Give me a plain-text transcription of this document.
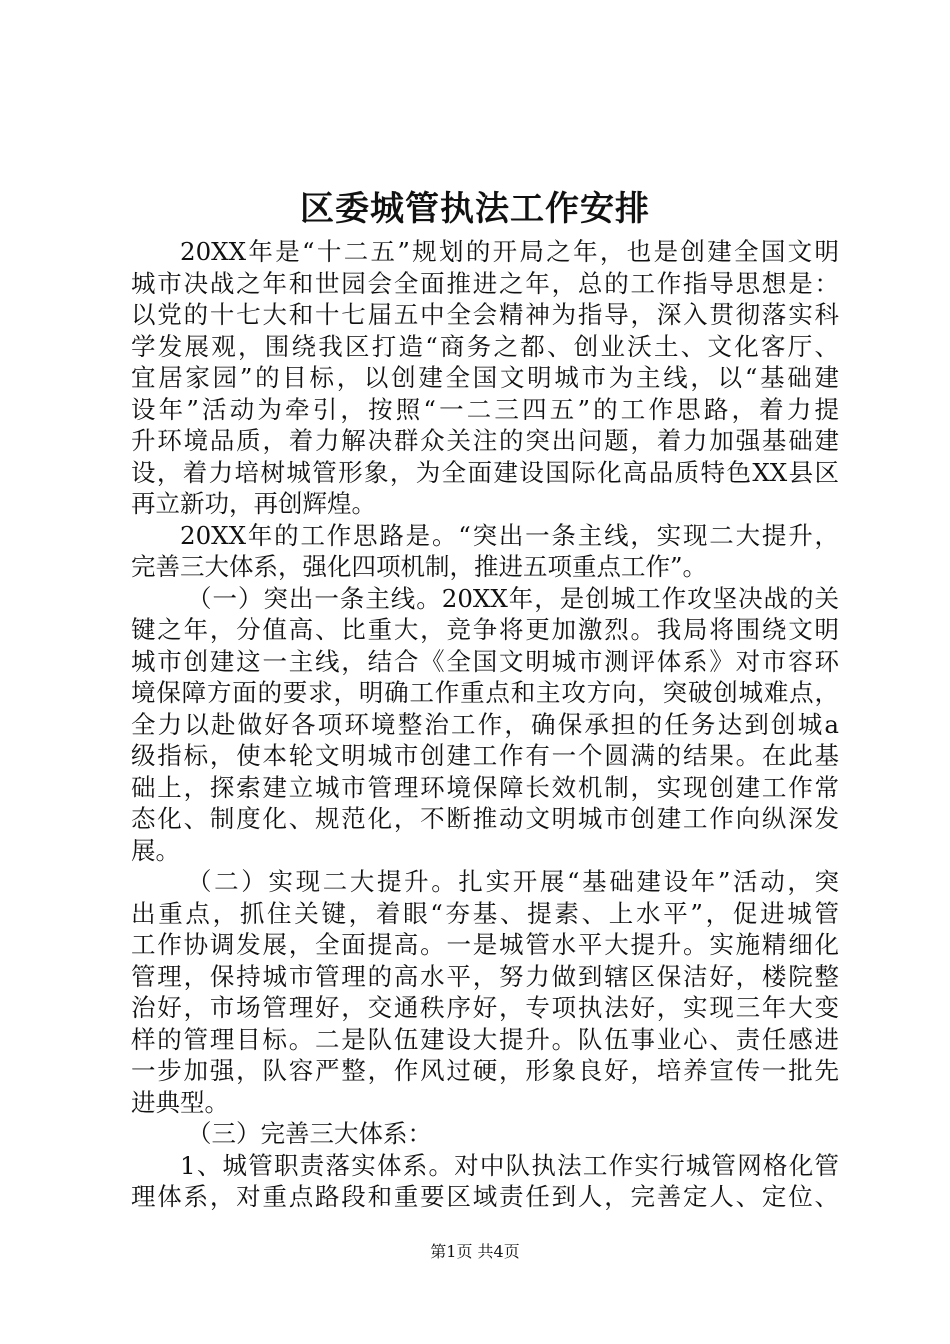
区委城管执法工作安排
20XX年是“十二五”规划的开局之年，也是创建全国文明
城市决战之年和世园会全面推进之年，总的工作指导思想是：
以党的十七大和十七届五中全会精神为指导，深入贯彻落实科
学发展观，围绕我区打造“商务之都、创业沃土、文化客厅、
宜居家园”的目标，以创建全国文明城市为主线，以“基础建
设年”活动为牵引，按照“一二三四五”的工作思路，着力提
升环境品质，着力解决群众关注的突出问题，着力加强基础建
设，着力培树城管形象，为全面建设国际化高品质特色XX县区
再立新功，再创辉煌。
20XX年的工作思路是。“突出一条主线，实现二大提升，
完善三大体系，强化四项机制，推进五项重点工作”。
（一）突出一条主线。20XX年，是创城工作攻坚决战的关
键之年，分值高、比重大，竞争将更加激烈。我局将围绕文明
城市创建这一主线，结合《全国文明城市测评体系》对市容环
境保障方面的要求，明确工作重点和主攻方向，突破创城难点，
全力以赴做好各项环境整治工作，确保承担的任务达到创城a
级指标，使本轮文明城市创建工作有一个圆满的结果。在此基
础上，探索建立城市管理环境保障长效机制，实现创建工作常
态化、制度化、规范化，不断推动文明城市创建工作向纵深发
展。
（二）实现二大提升。扎实开展“基础建设年”活动，突
出重点，抓住关键，着眼“夯基、提素、上水平”，促进城管
工作协调发展，全面提高。一是城管水平大提升。实施精细化
管理，保持城市管理的高水平，努力做到辖区保洁好，楼院整
治好，市场管理好，交通秩序好，专项执法好，实现三年大变
样的管理目标。二是队伍建设大提升。队伍事业心、责任感进
一步加强，队容严整，作风过硬，形象良好，培养宣传一批先
进典型。
（三）完善三大体系：
1、城管职责落实体系。对中队执法工作实行城管网格化管
理体系，对重点路段和重要区域责任到人，完善定人、定位、
第1页 共4页
